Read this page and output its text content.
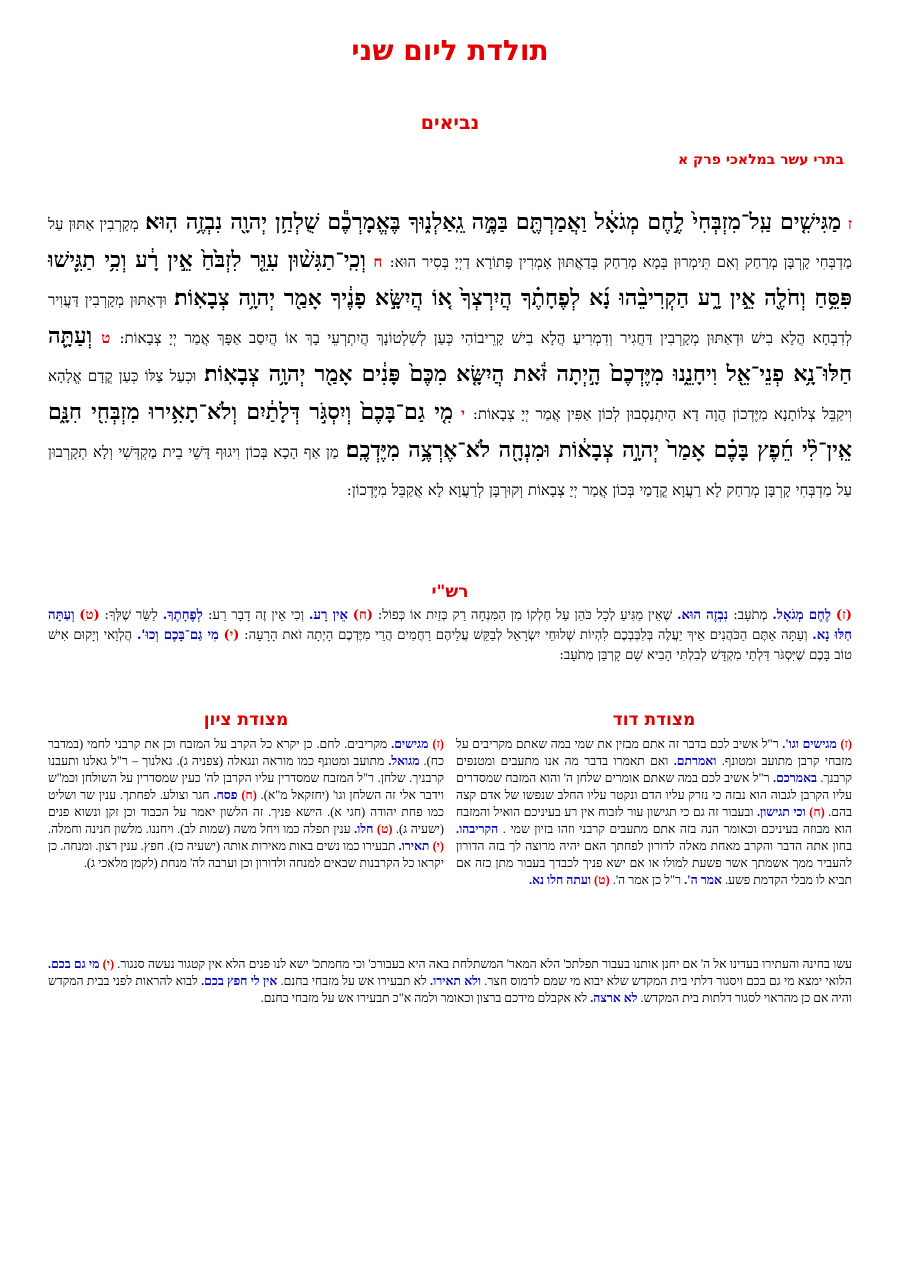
תולדת ליום שני
נביאים
בתרי עשר במלאכי פרק א
ז מַגִּישִׁ֤ים עַֽל־מִזְבְּחִי֙ לֶ֣חֶם מְגֹאָ֔ל וַאֲמַרְתֶּ֖ם בַּמֶּ֣ה גֵֽאַלְנ֑וּךָ בֶּאֱמָרְכֶ֕ם שֻׁלְחַ֥ן יְהוָ֖ה נִבְזֶ֥ה הֽוּא׃ מְקָרְבִין אַתּוּן עַל מַדְבְּחִי קָרְבָּן מְרַחַק וְאִם תֵּימְרוּן בְּמָא מְרַחַק בְּדַאֲתּוּן אָמְרִין פָּתוֹרָא דַיְיָ בְּסִיר הוּא: ח וְכִֽי־תַגִּשׁ֨וּן עִוֵּ֤ר לִזְבֹּ֙חַ֙ אֵ֣ין רָ֔ע וְכִ֥י תַגִּ֛ישׁוּ פִּסֵּ֥חַ וְחֹלֶ֖ה אֵ֣ין רָ֑ע הַקְרִיבֵ֨הוּ נָ֜א לְפֶחָתֶ֗ךָ הֲיִרְצְךָ֙ א֚וֹ הֲיִשָּׂ֣א פָנֶ֔יךָ אָמַ֖ר יְהוָ֥ה צְבָאֽוֹת׃ וּדְאַתּוּן מְקָרְבִין דַּעֲוִיר לְדִבְחָא הֲלָא בִישׁ וּדְאַתּוּן מְקָרְבִין דַּחֲגִיר וְדִמְרִיעַ הֲלָא בִישׁ קָרֵיבוֹהִי כְּעַן לְשִׁלְטוֹנָךְ הֲיִתְרְעֵי בָךְ אוֹ הֲיִסַב אַפָּךְ אֲמַר יְיָ צְבָאוֹת: ט וְעַתָּ֛ה חַלּוּ־נָ֥א פְנֵי־אֵ֖ל וִיחָנֵ֑נוּ מִיֶּדְכֶם֙ הָ֣יְתָה זֹּ֔את הֲיִשָּׂ֤א מִכֶּם֙ פָּנִ֔ים אָמַ֖ר יְהוָ֥ה צְבָאֽוֹת׃ וּכְעַל צַלּוֹ כְּעַן קֳדָם אֱלָהָא וִיקַבֵּל צְלוֹתָנָא מִיֶּדְכוֹן הֲוָה דָא הַיִתְנַסְבוּן לְכוֹן אַפִּין אֲמַר יְיָ צְבָאוֹת: י מִ֤י גַם־בָּכֶם֙ וְיִסְגֹּ֣ר דְּלָתַ֔יִם וְלֹא־תָאִ֥ירוּ מִזְבְּחִ֖י חִנָּ֑ם אֵֽין־לִ֨י חֵ֜פֶץ בָּכֶ֗ם אָמַר֙ יְהוָ֣ה צְבָא֔וֹת וּמִנְחָ֖ה לֹא־אֶרְצֶ֥ה מִיֶּדְכֶֽם׃ מַן אַף הָכָא בְּכוֹן וִיגוּף דָּשֵׁי בֵית מַקְדְּשִׁי וְלָא תְקָרְבוּן עַל מַדְבְּחִי קָרְבָּן מְרַחַק לָא רַעֲוָא קֳדָמַי בְּכוֹן אֲמַר יְיָ צְבָאוֹת וְקוּרְבָּן לְרַעֲוָא לָא אֲקַבֵּל מִיֶּדְכוֹן:
רש"י
(ז) לֶחֶם מְגֹאָל. מְתֹעָב: נִבְזֶה הוּא. שֶׁאֵין מַגִּיעַ לְכָל כֹּהֵן עַל חֶלְקוֹ מִן הַמִּנְחָה רַק כְּזַיִת אוֹ כְּפוֹל: (ח) אֵין רָע. וְכִי אֵין זֶה דָבָר רַע: לְפֶחָתֶךָ. לַשַּׂר שֶׁלְּךָ: (ט) וְעַתָּה חַלּוּ נָא. וְעַתָּה אַתֶּם הַכֹּהֲנִים אֵיךְ יַעֲלֶה בְּלִבְּבְכֶם לִהְיוֹת שְׁלוּחֵי יִשְׂרָאֵל לְבַקֵּשׁ עֲלֵיהֶם רַחֲמִים הֲרֵי מִיֶּדְכֶם הָיְתָה זֹאת הָרָעָה: (י) מִי גַם־בָּכֶם וְכוּ'. הֲלְוַאי וְיָקוּם אִישׁ טוֹב בָּכֶם שֶׁיִּסְגֹּר דַּלְתֵי מִקְדָּשׁ לְבִלְתִּי הָבִיא שָׁם קָרְבַּן מְתֹעָב:
מצודת דוד
מצודת ציון
(ז) מגישים וגו'. ר"ל אשיב לכם בדבר זה אתם מבזין את שמי במה שאתם מקריבים על מזבחי קרבן מתועב ומטונף. ואמרתם. ואם תאמרו בדבר מה אנו מתעבים ומטנפים קרבנך. באמרכם. ר"ל אשיב לכם במה שאתם אומרים שלחן ה' והוא המזבח שמסדרים עליו הקרבן לגבוה הוא נבזה כי נזרק עליו הדם ונקטר עליו החלב שנפשו של אדם קצה בהם. (ח) וכי תגישון. ובעבור זה גם כי תגישון עור לזבוח אין רע בעיניכם הואיל והמזבח הוא מבוזה בעיניכם וכאומר הנה בזה אתם מתעבים קרבני וזהו בזיון שמי . הקריבהו. בחון אתה הדבר והקרב מאחת מאלה לדורון לפחתך האם יהיה מרוצה לך בזה הדורון להעביר ממך אשמתך אשר פשעת למולו או אם ישא פניך לכבדך בעבור מתן כזה אם תביא לו מבלי הקדמת פשע. אמר ה'. ר"ל כן אמר ה'. (ט) ועתה חלו נא.
(ז) מגישים. מקריבים. לחם. כן יקרא כל הקרב על המזבח וכן את קרבני לחמי (במדבר כח). מגואל. מתועב ומטונף כמו מוראה ונגאלה (צפניה ג). גאלנוך – ר"ל גאלנו ותעבנו קרבניך. שלחן. ר"ל המזבח שמסדרין עליו הקרבן לה' כעין שמסדרין על השולחן וכמ"ש וידבר אלי זה השלחן וגו' (יחזקאל מ"א). (ח) פסח. חגר וצולע. לפחתך. ענין שר ושליט כמו פחת יהודה (חגי א). הישא פניך. זה הלשון יאמר על הכבוד וכן זקן ונשוא פנים (ישעיה ג). (ט) חלו. ענין תפלה כמו ויחל משה (שמות לב). ויחננו. מלשון חנינה וחמלה. (י) תאירו. תבעירו כמו נשים באות מאירות אותה (ישעיה כז). חפץ. ענין רצון. ומנחה. כן יקראו כל הקרבנות שבאים למנחה ולדורון וכן וערבה לה' מנחת (לקמן מלאכי ג).
עשו בחינה והעתירו בעדינו אל ה' אם יחנן אותנו בעבור תפלתכ' הלא המאר' המשתלחת באה היא בעבורכ' וכי מחמתכ' ישא לנו פנים הלא אין קטגור נעשה סנגור. (י) מי גם בכם. הלואי ימצא מי גם בכם ויסגור דלתי בית המקדש שלא יבוא מי שמם לרמוס חצר. ולא תאירו. לא תבעירו אש על מזבחי בחנם. אין לי חפץ בכם. לבוא להראות לפני בבית המקדש והיה אם כן מהראוי לסגור דלתות בית המקדש. לא ארצה. לא אקבלם מידכם ברצון וכאומר ולמה א"כ תבעירו אש על מזבחי בחנם.
